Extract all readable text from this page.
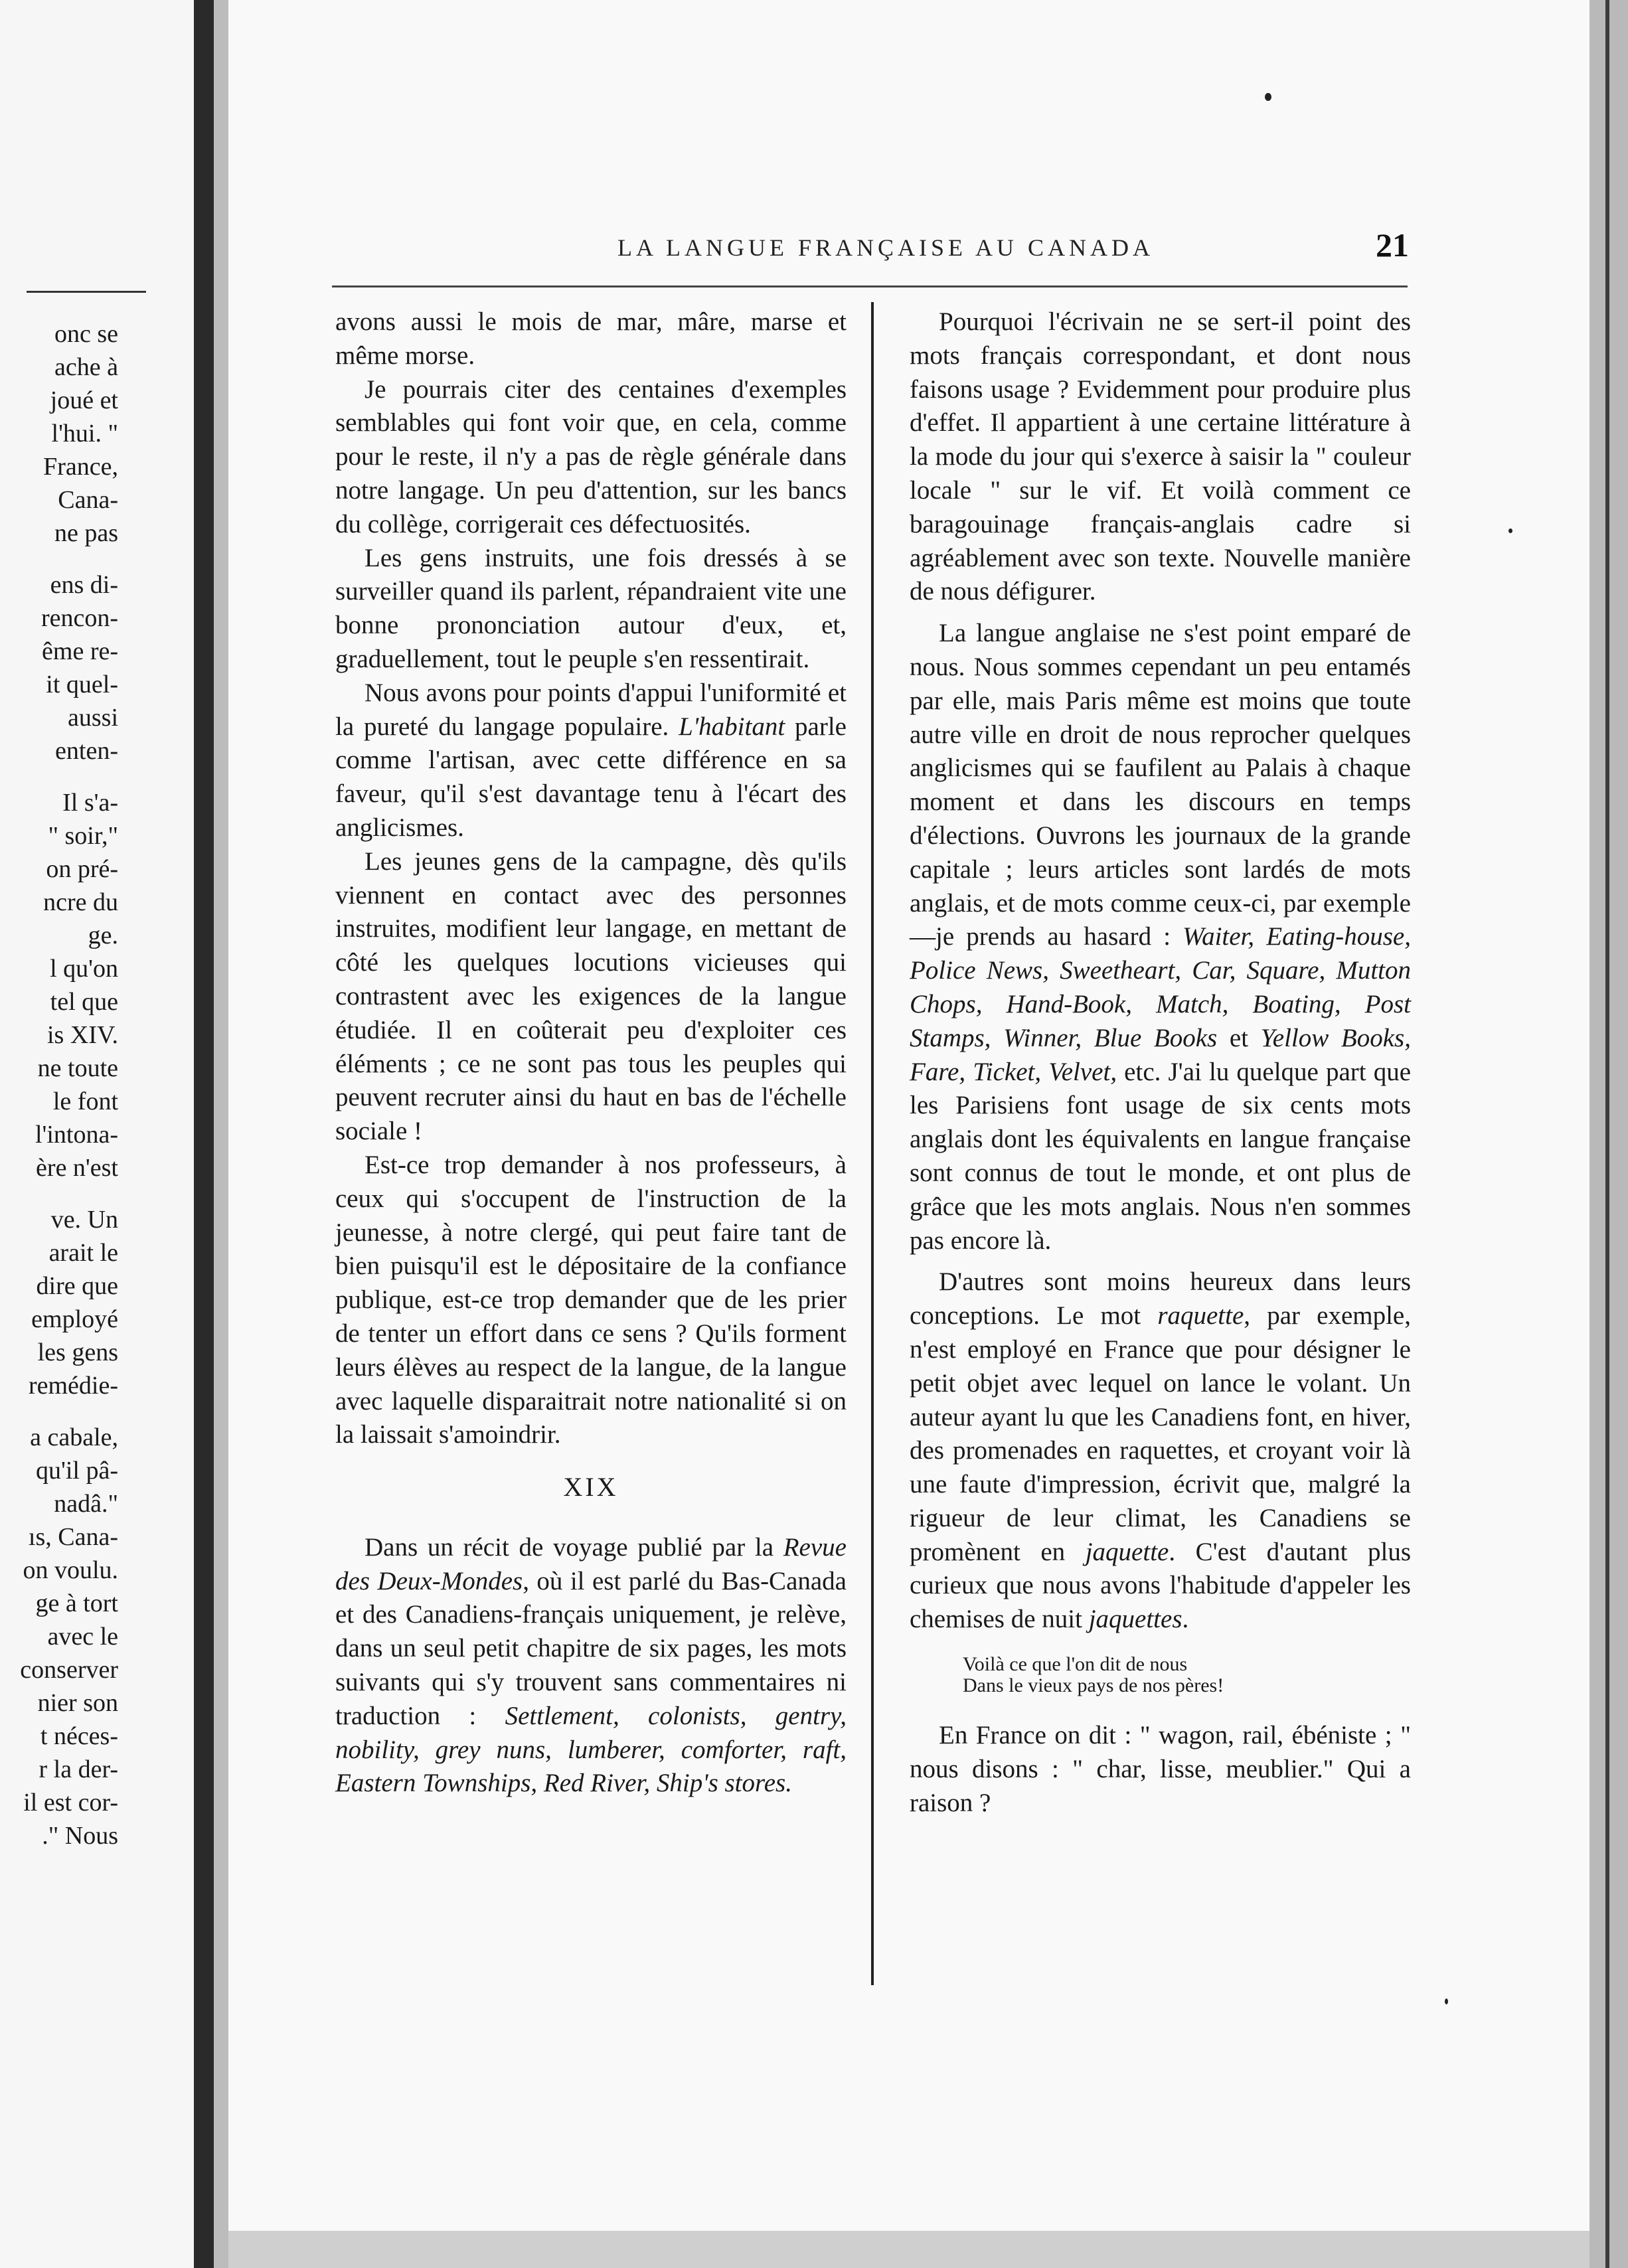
onc se
ache à
joué et
l'hui. "
France,
Cana-
ne pas
ens di-
rencon-
ême re-
it quel-
aussi
enten-
Il s'a-
" soir,"
on pré-
ncre du
ge.
l qu'on
tel que
is XIV.
ne toute
le font
l'intona-
ère n'est
ve. Un
arait le
dire que
employé
les gens
remédie-
a cabale,
qu'il pâ-
nadâ."
ıs, Cana-
on voulu.
ge à tort
avec le
conserver
nier son
t néces-
r la der-
il est cor-
." Nous
LA LANGUE FRANÇAISE AU CANADA	21

avons aussi le mois de mar, mâre, marse et même morse.

Je pourrais citer des centaines d'exemples semblables qui font voir que, en cela, comme pour le reste, il n'y a pas de règle générale dans notre langage. Un peu d'attention, sur les bancs du collège, corrigerait ces défectuosités.

Les gens instruits, une fois dressés à se surveiller quand ils parlent, répandraient vite une bonne prononciation autour d'eux, et, graduellement, tout le peuple s'en ressentirait.

Nous avons pour points d'appui l'uniformité et la pureté du langage populaire. L'habitant parle comme l'artisan, avec cette différence en sa faveur, qu'il s'est davantage tenu à l'écart des anglicismes.

Les jeunes gens de la campagne, dès qu'ils viennent en contact avec des personnes instruites, modifient leur langage, en mettant de côté les quelques locutions vicieuses qui contrastent avec les exigences de la langue étudiée. Il en coûterait peu d'exploiter ces éléments ; ce ne sont pas tous les peuples qui peuvent recruter ainsi du haut en bas de l'échelle sociale !

Est-ce trop demander à nos professeurs, à ceux qui s'occupent de l'instruction de la jeunesse, à notre clergé, qui peut faire tant de bien puisqu'il est le dépositaire de la confiance publique, est-ce trop demander que de les prier de tenter un effort dans ce sens ? Qu'ils forment leurs élèves au respect de la langue, de la langue avec laquelle disparaitrait notre nationalité si on la laissait s'amoindrir.

XIX

Dans un récit de voyage publié par la Revue des Deux-Mondes, où il est parlé du Bas-Canada et des Canadiens-français uniquement, je relève, dans un seul petit chapitre de six pages, les mots suivants qui s'y trouvent sans commentaires ni traduction : Settlement, colonists, gentry, nobility, grey nuns, lumberer, comforter, raft, Eastern Townships, Red River, Ship's stores.

Pourquoi l'écrivain ne se sert-il point des mots français correspondant, et dont nous faisons usage ? Evidemment pour produire plus d'effet. Il appartient à une certaine littérature à la mode du jour qui s'exerce à saisir la " couleur locale " sur le vif. Et voilà comment ce baragouinage français-anglais cadre si agréablement avec son texte. Nouvelle manière de nous défigurer.

La langue anglaise ne s'est point emparé de nous. Nous sommes cependant un peu entamés par elle, mais Paris même est moins que toute autre ville en droit de nous reprocher quelques anglicismes qui se faufilent au Palais à chaque moment et dans les discours en temps d'élections. Ouvrons les journaux de la grande capitale ; leurs articles sont lardés de mots anglais, et de mots comme ceux-ci, par exemple—je prends au hasard : Waiter, Eating-house, Police News, Sweetheart, Car, Square, Mutton Chops, Hand-Book, Match, Boating, Post Stamps, Winner, Blue Books et Yellow Books, Fare, Ticket, Velvet, etc. J'ai lu quelque part que les Parisiens font usage de six cents mots anglais dont les équivalents en langue française sont connus de tout le monde, et ont plus de grâce que les mots anglais. Nous n'en sommes pas encore là.

D'autres sont moins heureux dans leurs conceptions. Le mot raquette, par exemple, n'est employé en France que pour désigner le petit objet avec lequel on lance le volant. Un auteur ayant lu que les Canadiens font, en hiver, des promenades en raquettes, et croyant voir là une faute d'impression, écrivit que, malgré la rigueur de leur climat, les Canadiens se promènent en jaquette. C'est d'autant plus curieux que nous avons l'habitude d'appeler les chemises de nuit jaquettes.

Voilà ce que l'on dit de nous
Dans le vieux pays de nos pères!

En France on dit : " wagon, rail, ébéniste ; " nous disons : " char, lisse, meublier." Qui a raison ?
